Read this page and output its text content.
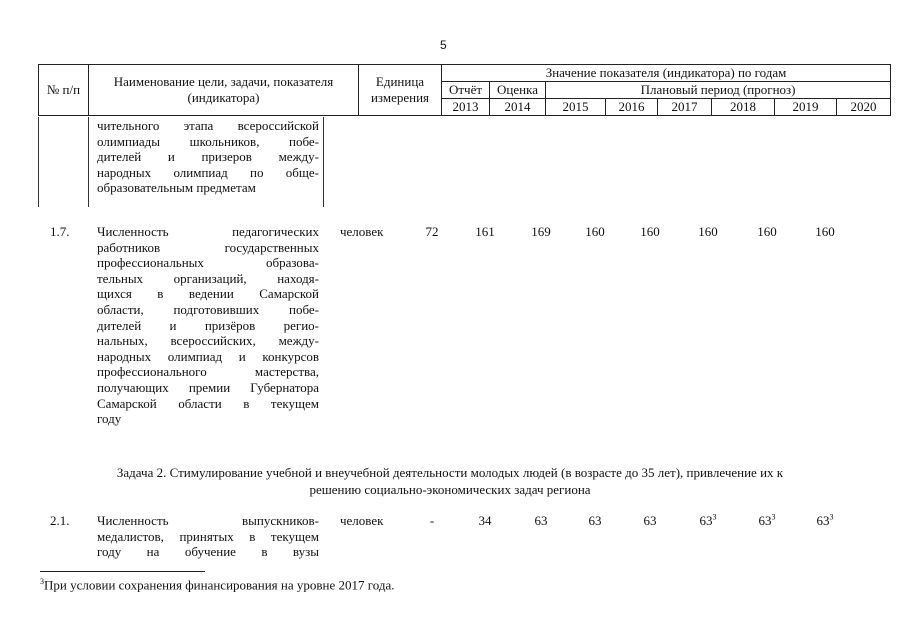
5
№ п/п	Наименование цели, задачи, показателя (индикатора)	Единица измерения	Значение показателя (индикатора) по годам							
			Отчёт	Оценка	Плановый период (прогноз)					
			2013	2014	2015	2016	2017	2018	2019	2020
чительного этапа всероссийской
олимпиады школьников, побе-
дителей и призеров между-
народных олимпиад по обще-
образовательным предметам
1.7. Численность педагогических
работников государственных
профессиональных образова-
тельных организаций, находя-
щихся в ведении Самарской
области, подготовивших побе-
дителей и призёров регио-
нальных, всероссийских, между-
народных олимпиад и конкурсов
профессионального мастерства,
получающих премии Губернатора
Самарской области в текущем
году
человек	72	161	169	160	160	160	160	160
Задача 2. Стимулирование учебной и внеучебной деятельности молодых людей (в возрасте до 35 лет), привлечение их к
решению социально-экономических задач региона
2.1. Численность выпускников-
медалистов, принятых в текущем
году на обучение в вузы
человек	-	34	63	63	63	$63^3$	$63^3$	$63^3$
$^3$При условии сохранения финансирования на уровне 2017 года.
